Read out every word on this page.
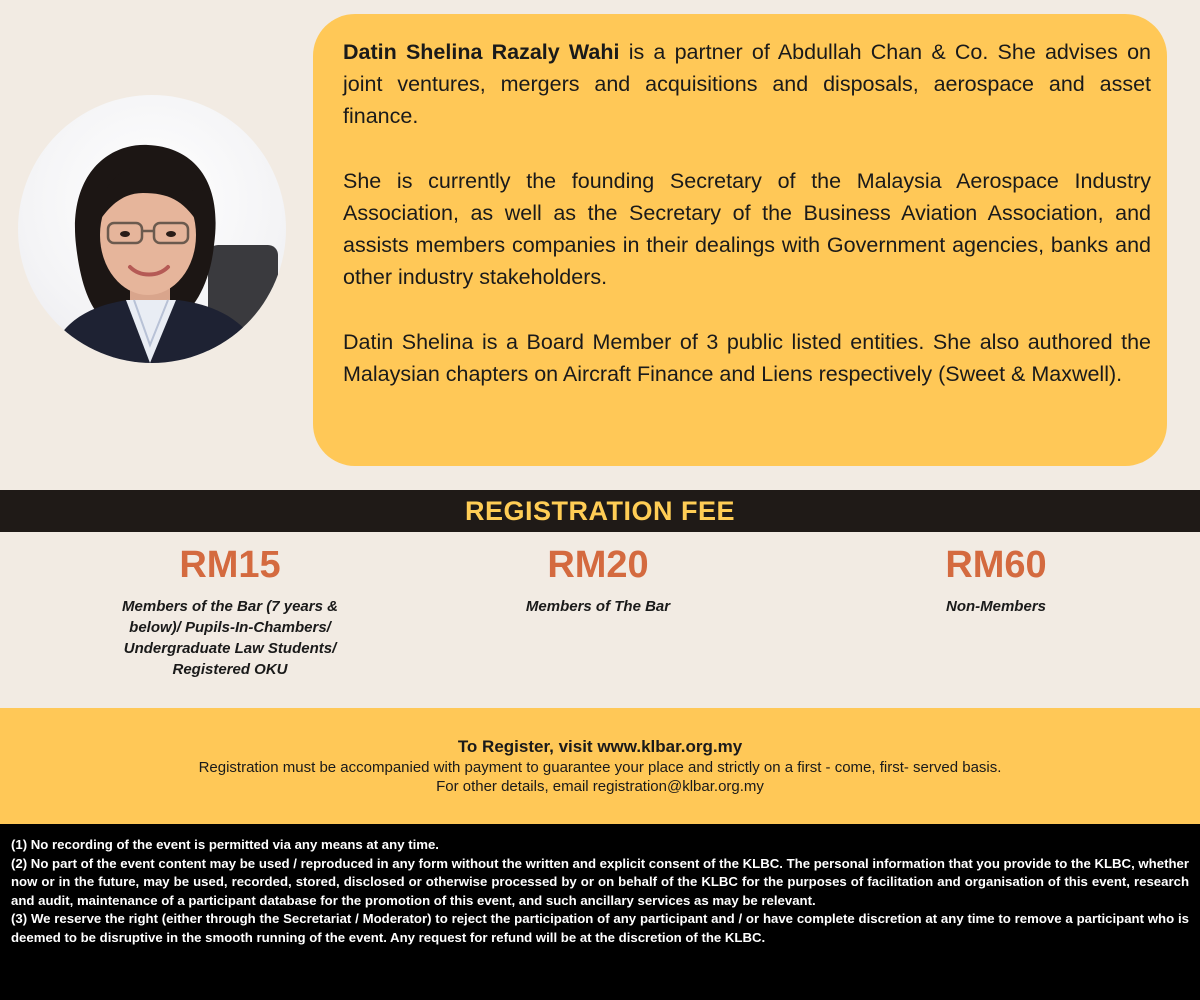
Datin Shelina Razaly Wahi is a partner of Abdullah Chan & Co. She advises on joint ventures, mergers and acquisitions and disposals, aerospace and asset finance.

She is currently the founding Secretary of the Malaysia Aerospace Industry Association, as well as the Secretary of the Business Aviation Association, and assists members companies in their dealings with Government agencies, banks and other industry stakeholders.

Datin Shelina is a Board Member of 3 public listed entities. She also authored the Malaysian chapters on Aircraft Finance and Liens respectively (Sweet & Maxwell).

REGISTRATION FEE
RM15
Members of the Bar (7 years &
below)/ Pupils-In-Chambers/
Undergraduate Law Students/
Registered OKU
RM20
Members of The Bar
RM60
Non-Members
To Register, visit www.klbar.org.my
Registration must be accompanied with payment to guarantee your place and strictly on a first - come, first- served basis.
For other details, email registration@klbar.org.my

(1) No recording of the event is permitted via any means at any time.

(2) No part of the event content may be used / reproduced in any form without the written and explicit consent of the KLBC. The personal information that you provide to the KLBC, whether now or in the future, may be used, recorded, stored, disclosed or otherwise processed by or on behalf of the KLBC for the purposes of facilitation and organisation of this event, research and audit, maintenance of a participant database for the promotion of this event, and such ancillary services as may be relevant.

(3) We reserve the right (either through the Secretariat / Moderator) to reject the participation of any participant and / or have complete discretion at any time to remove a participant who is deemed to be disruptive in the smooth running of the event. Any request for refund will be at the discretion of the KLBC.
